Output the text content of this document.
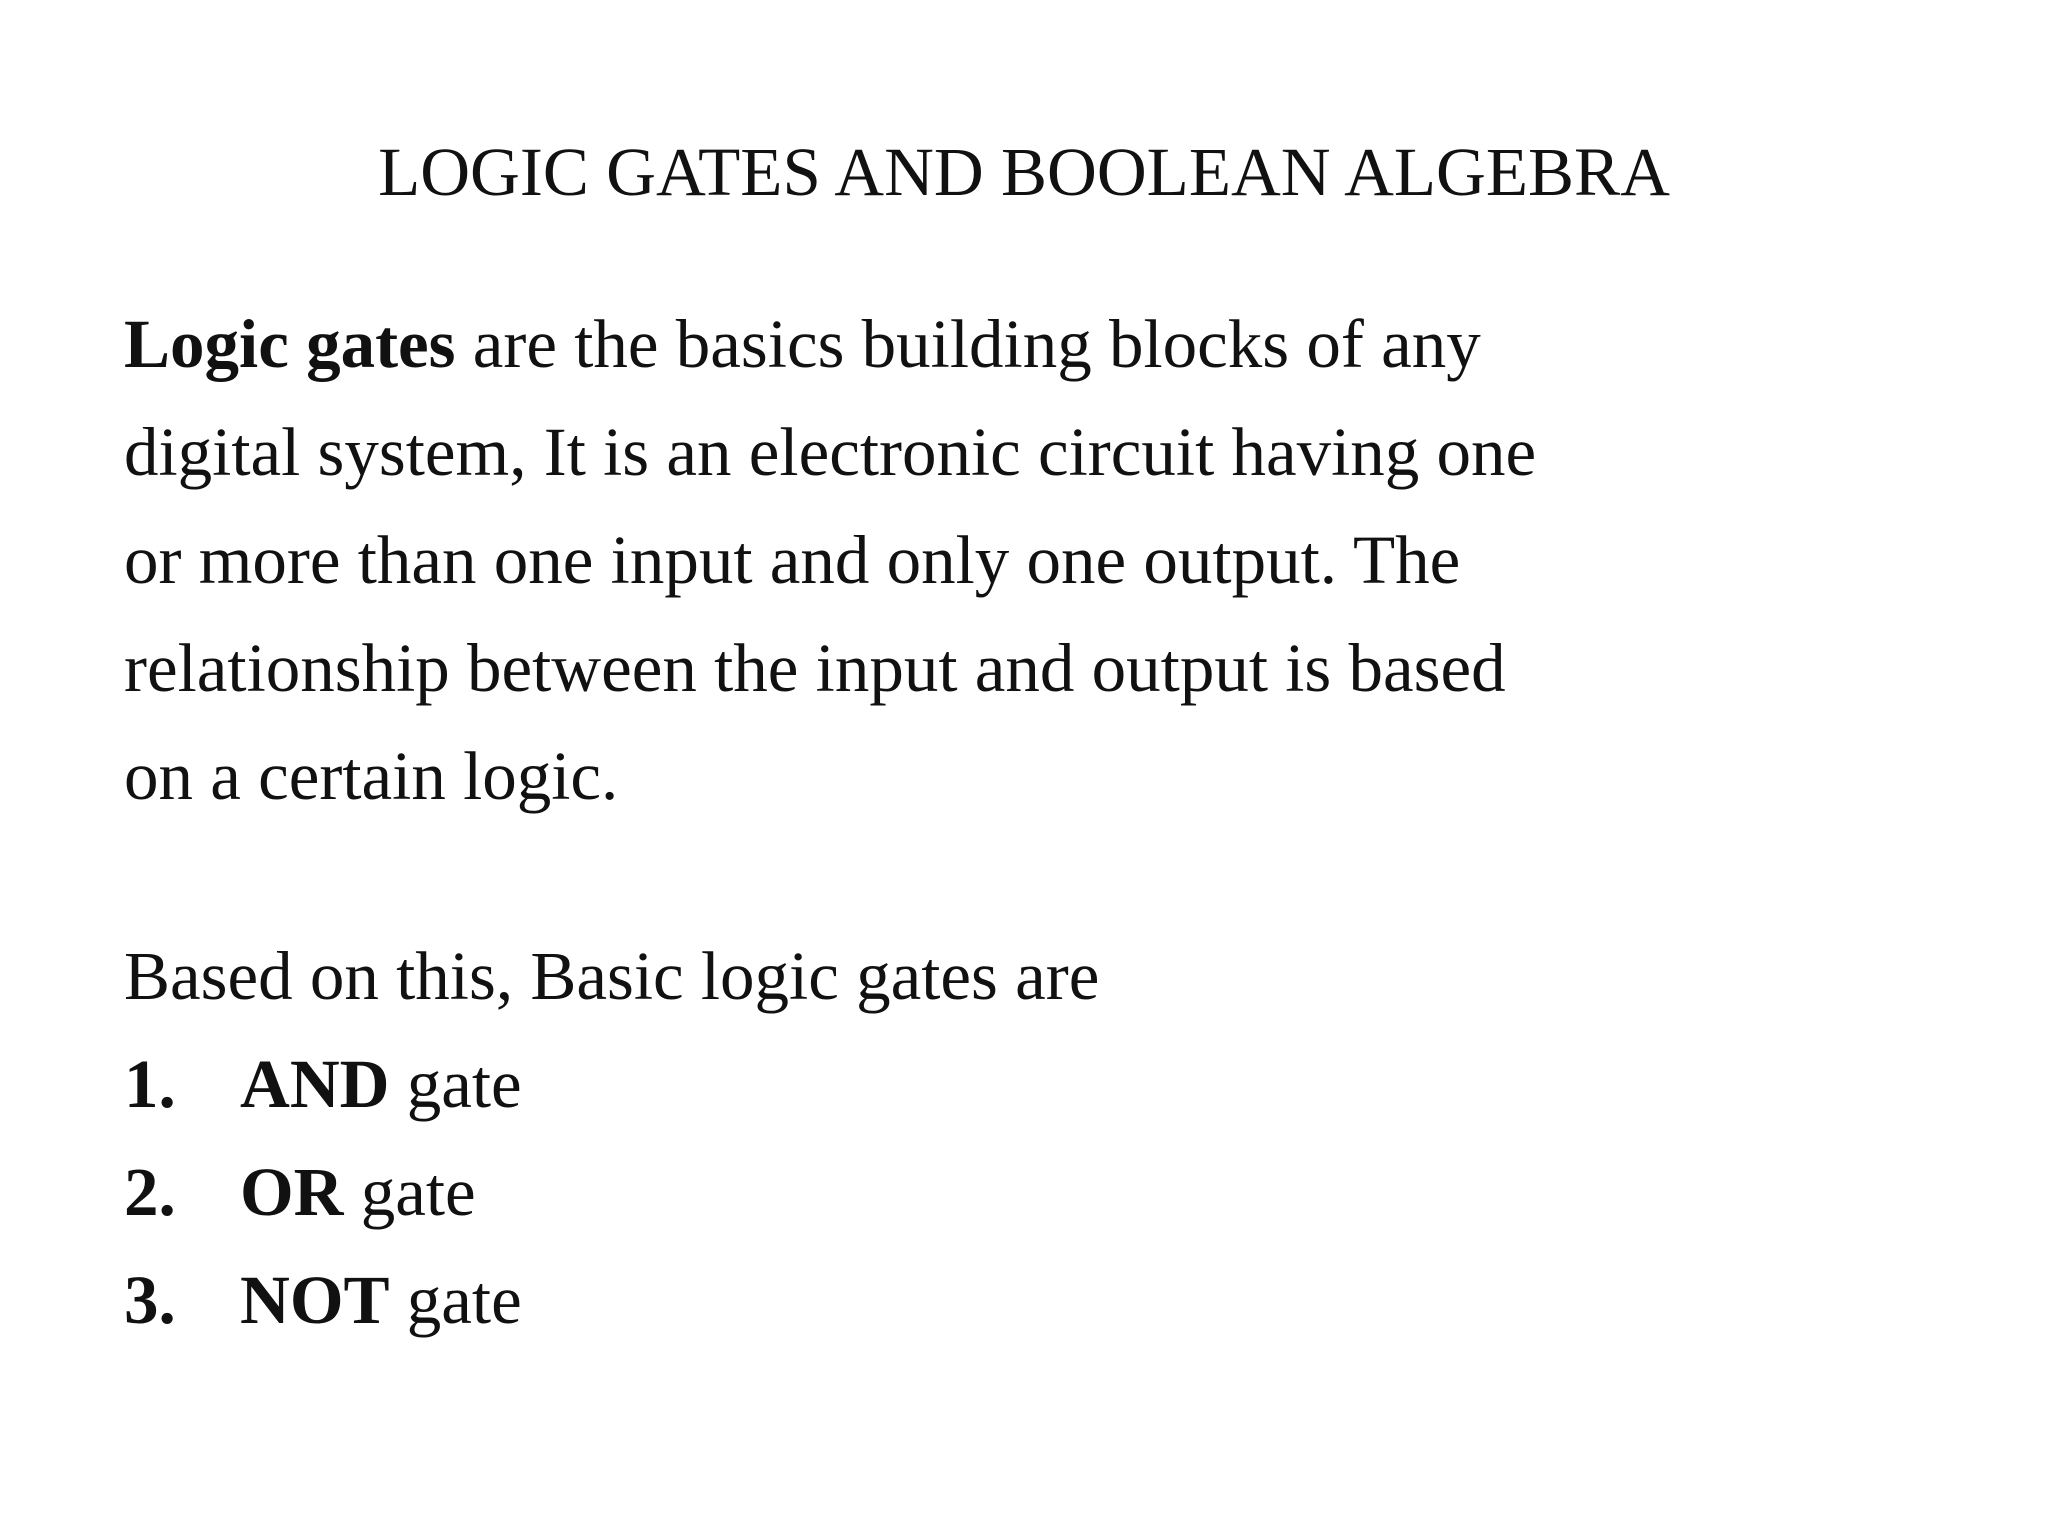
LOGIC GATES AND BOOLEAN ALGEBRA

Logic gates are the basics building blocks of any
digital system, It is an electronic circuit having one
or more than one input and only one output. The
relationship between the input and output is based
on a certain logic.

Based on this, Basic logic gates are
1. AND gate
2. OR gate
3. NOT gate
